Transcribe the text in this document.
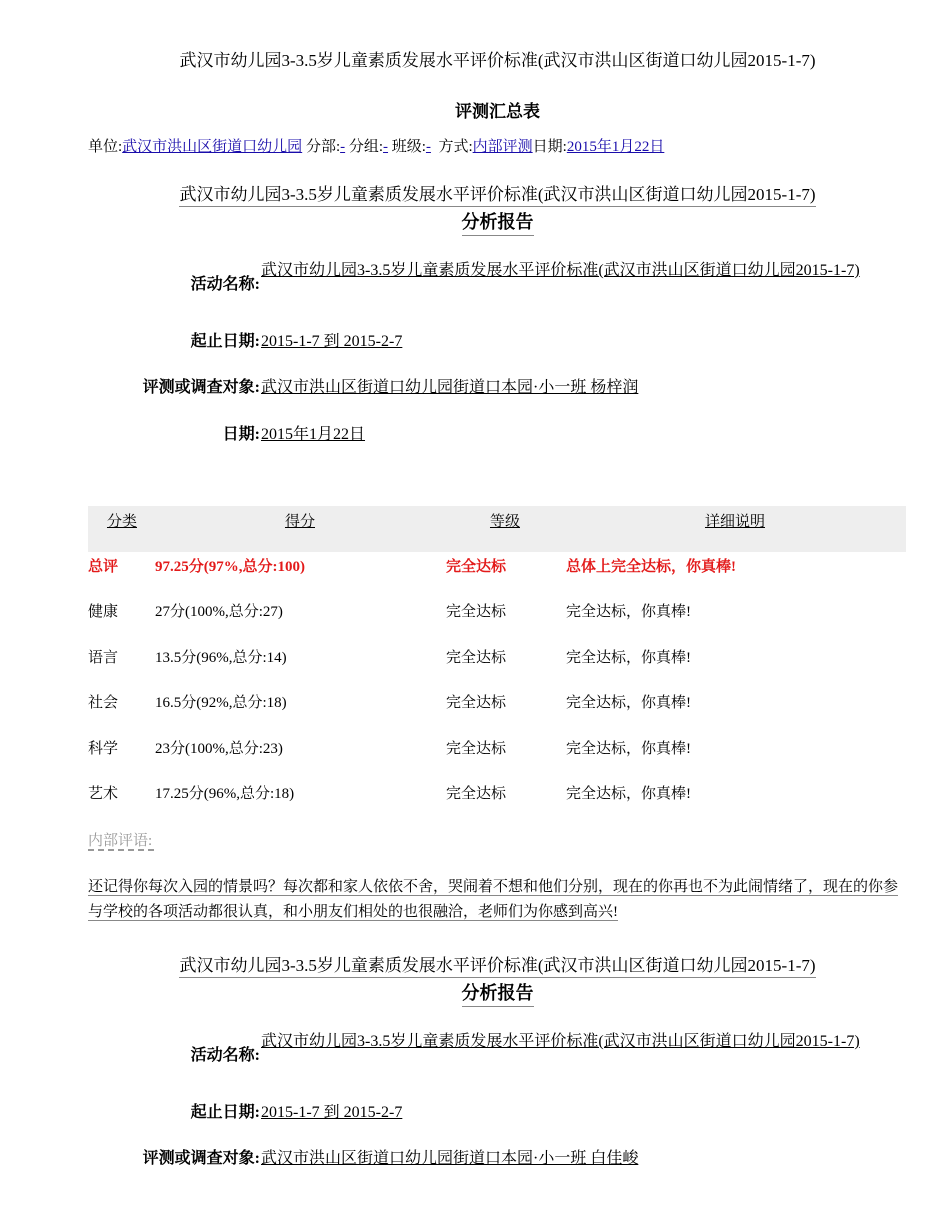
武汉市幼儿园3-3.5岁儿童素质发展水平评价标准(武汉市洪山区街道口幼儿园2015-1-7)
评测汇总表
单位:武汉市洪山区街道口幼儿园 分部:- 分组:- 班级:- 方式:内部评测日期:2015年1月22日
武汉市幼儿园3-3.5岁儿童素质发展水平评价标准(武汉市洪山区街道口幼儿园2015-1-7)
分析报告
活动名称:
武汉市幼儿园3-3.5岁儿童素质发展水平评价标准(武汉市洪山区街道口幼儿园2015-1-7)
起止日期: 2015-1-7 到 2015-2-7
评测或调查对象: 武汉市洪山区街道口幼儿园街道口本园·小一班 杨梓润
日期: 2015年1月22日
分类	得分	等级	详细说明
总评 97.25分(97%,总分:100)	完全达标	总体上完全达标，你真棒!
健康 27分(100%,总分:27)	完全达标	完全达标，你真棒!
语言 13.5分(96%,总分:14)	完全达标	完全达标，你真棒!
社会 16.5分(92%,总分:18)	完全达标	完全达标，你真棒!
科学 23分(100%,总分:23)	完全达标	完全达标，你真棒!
艺术 17.25分(96%,总分:18)	完全达标	完全达标，你真棒!
内部评语:
还记得你每次入园的情景吗？每次都和家人依依不舍，哭闹着不想和他们分别，现在的你再也不为此闹情绪了，现在的你参与学校的各项活动都很认真，和小朋友们相处的也很融洽，老师们为你感到高兴!
武汉市幼儿园3-3.5岁儿童素质发展水平评价标准(武汉市洪山区街道口幼儿园2015-1-7)
分析报告
活动名称:
武汉市幼儿园3-3.5岁儿童素质发展水平评价标准(武汉市洪山区街道口幼儿园2015-1-7)
起止日期: 2015-1-7 到 2015-2-7
评测或调查对象: 武汉市洪山区街道口幼儿园街道口本园·小一班 白佳峻
